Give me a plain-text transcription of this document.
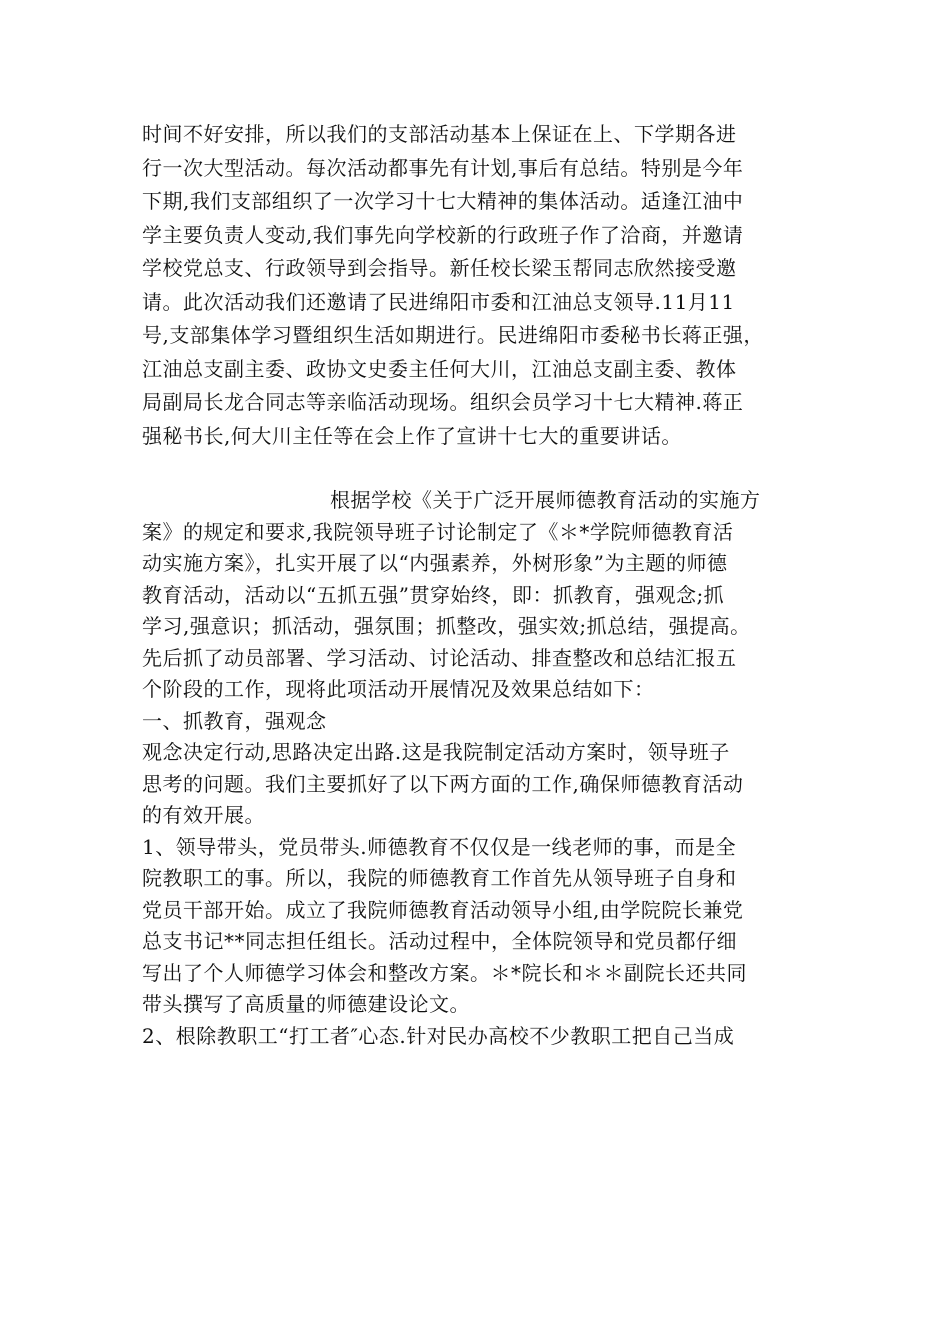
时间不好安排，所以我们的支部活动基本上保证在上、下学期各进
行一次大型活动。每次活动都事先有计划,事后有总结。特别是今年
下期,我们支部组织了一次学习十七大精神的集体活动。适逢江油中
学主要负责人变动,我们事先向学校新的行政班子作了洽商，并邀请
学校党总支、行政领导到会指导。新任校长梁玉帮同志欣然接受邀
请。此次活动我们还邀请了民进绵阳市委和江油总支领导.11月11
号,支部集体学习暨组织生活如期进行。民进绵阳市委秘书长蒋正强，
江油总支副主委、政协文史委主任何大川，江油总支副主委、教体
局副局长龙合同志等亲临活动现场。组织会员学习十七大精神.蒋正
强秘书长,何大川主任等在会上作了宣讲十七大的重要讲话。
根据学校《关于广泛开展师德教育活动的实施方
案》的规定和要求,我院领导班子讨论制定了《＊*学院师德教育活
动实施方案》，扎实开展了以“内强素养，外树形象”为主题的师德
教育活动，活动以“五抓五强”贯穿始终，即：抓教育，强观念;抓
学习,强意识；抓活动，强氛围；抓整改，强实效;抓总结，强提高。
先后抓了动员部署、学习活动、讨论活动、排查整改和总结汇报五
个阶段的工作，现将此项活动开展情况及效果总结如下：
一、抓教育，强观念
观念决定行动,思路决定出路.这是我院制定活动方案时，领导班子
思考的问题。我们主要抓好了以下两方面的工作,确保师德教育活动
的有效开展。
1、领导带头，党员带头.师德教育不仅仅是一线老师的事，而是全
院教职工的事。所以，我院的师德教育工作首先从领导班子自身和
党员干部开始。成立了我院师德教育活动领导小组,由学院院长兼党
总支书记**同志担任组长。活动过程中，全体院领导和党员都仔细
写出了个人师德学习体会和整改方案。＊*院长和＊＊副院长还共同
带头撰写了高质量的师德建设论文。
2、根除教职工“打工者″心态.针对民办高校不少教职工把自己当成
